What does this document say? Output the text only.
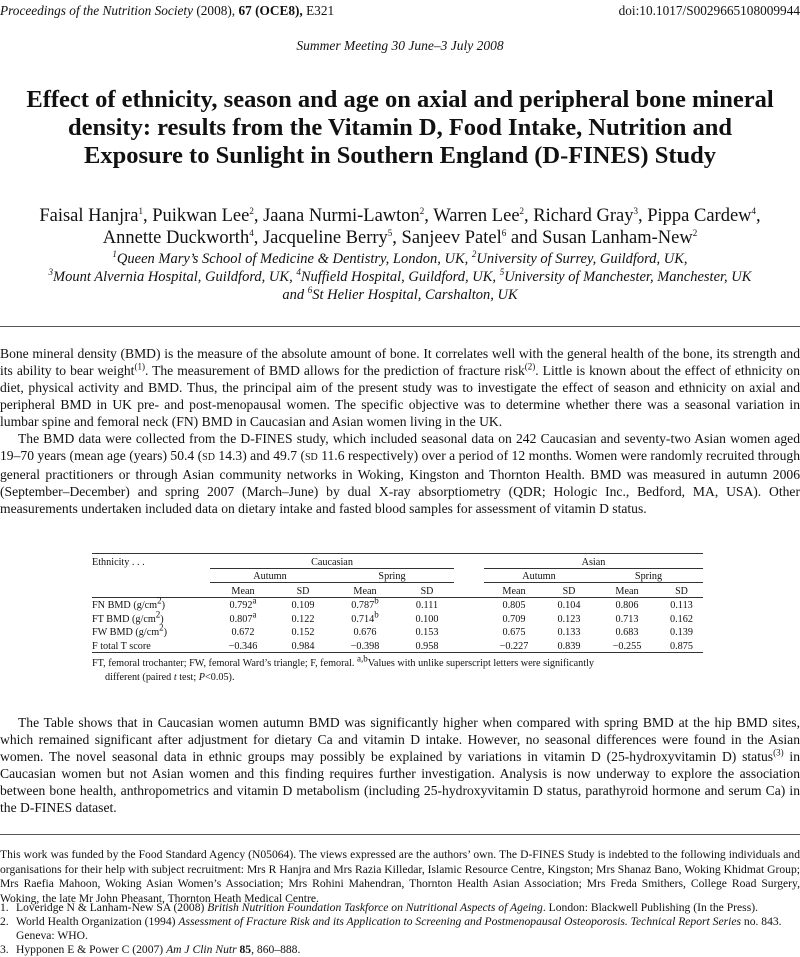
Proceedings of the Nutrition Society (2008), 67 (OCE8), E321	doi:10.1017/S0029665108009944
Summer Meeting 30 June–3 July 2008
Effect of ethnicity, season and age on axial and peripheral bone mineral
density: results from the Vitamin D, Food Intake, Nutrition and
Exposure to Sunlight in Southern England (D-FINES) Study
Faisal Hanjra$^1$, Puikwan Lee$^2$, Jaana Nurmi-Lawton$^2$, Warren Lee$^2$, Richard Gray$^3$, Pippa Cardew$^4$,
Annette Duckworth$^4$, Jacqueline Berry$^5$, Sanjeev Patel$^6$ and Susan Lanham-New$^2$
$^1$Queen Mary’s School of Medicine & Dentistry, London, UK, $^2$University of Surrey, Guildford, UK,
$^3$Mount Alvernia Hospital, Guildford, UK, $^4$Nuffield Hospital, Guildford, UK, $^5$University of Manchester, Manchester, UK
and $^6$St Helier Hospital, Carshalton, UK

Bone mineral density (BMD) is the measure of the absolute amount of bone. It correlates well with the general health of the bone, its strength and its ability to bear weight$^{(1)}$. The measurement of BMD allows for the prediction of fracture risk$^{(2)}$. Little is known about the effect of ethnicity on diet, physical activity and BMD. Thus, the principal aim of the present study was to investigate the effect of season and ethnicity on axial and peripheral BMD in UK pre- and post-menopausal women. The specific objective was to determine whether there was a seasonal variation in lumbar spine and femoral neck (FN) BMD in Caucasian and Asian women living in the UK.

The BMD data were collected from the D-FINES study, which included seasonal data on 242 Caucasian and seventy-two Asian women aged 19–70 years (mean age (years) 50.4 (SD 14.3) and 49.7 (SD 11.6 respectively) over a period of 12 months. Women were randomly recruited through general practitioners or through Asian community networks in Woking, Kingston and Thornton Health. BMD was measured in autumn 2006 (September–December) and spring 2007 (March–June) by dual X-ray absorptiometry (QDR; Hologic Inc., Bedford, MA, USA). Other measurements undertaken included data on dietary intake and fasted blood samples for assessment of vitamin D status.

Ethnicity . . .	Caucasian					Asian			
	Autumn		Spring			Autumn		Spring	
	Mean	SD	Mean	SD		Mean	SD	Mean	SD
FN BMD $(g/cm^2)$	0.792$^a$	0.109	0.787$^b$	0.111		0.805	0.104	0.806	0.113
FT BMD $(g/cm^2)$	0.807$^a$	0.122	0.714$^b$	0.100		0.709	0.123	0.713	0.162
FW BMD $(g/cm^2)$	0.672	0.152	0.676	0.153		0.675	0.133	0.683	0.139
F total T score	−0.346	0.984	−0.398	0.958		−0.227	0.839	−0.255	0.875
FT, femoral trochanter; FW, femoral Ward’s triangle; F, femoral. $^{a,b}$Values with unlike superscript letters were significantly
different (paired t test; P<0.05).

The Table shows that in Caucasian women autumn BMD was significantly higher when compared with spring BMD at the hip BMD sites, which remained significant after adjustment for dietary Ca and vitamin D intake. However, no seasonal differences were found in the Asian women. The novel seasonal data in ethnic groups may possibly be explained by variations in vitamin D (25-hydroxyvitamin D) status$^{(3)}$ in Caucasian women but not Asian women and this finding requires further investigation. Analysis is now underway to explore the association between bone health, anthropometrics and vitamin D metabolism (including 25-hydroxyvitamin D status, parathyroid hormone and serum Ca) in the D-FINES dataset.

This work was funded by the Food Standard Agency (N05064). The views expressed are the authors’ own. The D-FINES Study is indebted to the following individuals and organisations for their help with subject recruitment: Mrs R Hanjra and Mrs Razia Killedar, Islamic Resource Centre, Kingston; Mrs Shanaz Bano, Woking Khidmat Group; Mrs Raefia Mahoon, Woking Asian Women’s Association; Mrs Rohini Mahendran, Thornton Health Asian Association; Mrs Freda Smithers, College Road Surgery, Woking, the late Mr John Pheasant, Thornton Heath Medical Centre.
1. Loveridge N & Lanham-New SA (2008) British Nutrition Foundation Taskforce on Nutritional Aspects of Ageing. London: Blackwell Publishing (In the Press).
2. World Health Organization (1994) Assessment of Fracture Risk and its Application to Screening and Postmenopausal Osteoporosis. Technical Report Series no. 843. Geneva: WHO.
3. Hypponen E & Power C (2007) Am J Clin Nutr 85, 860–888.
